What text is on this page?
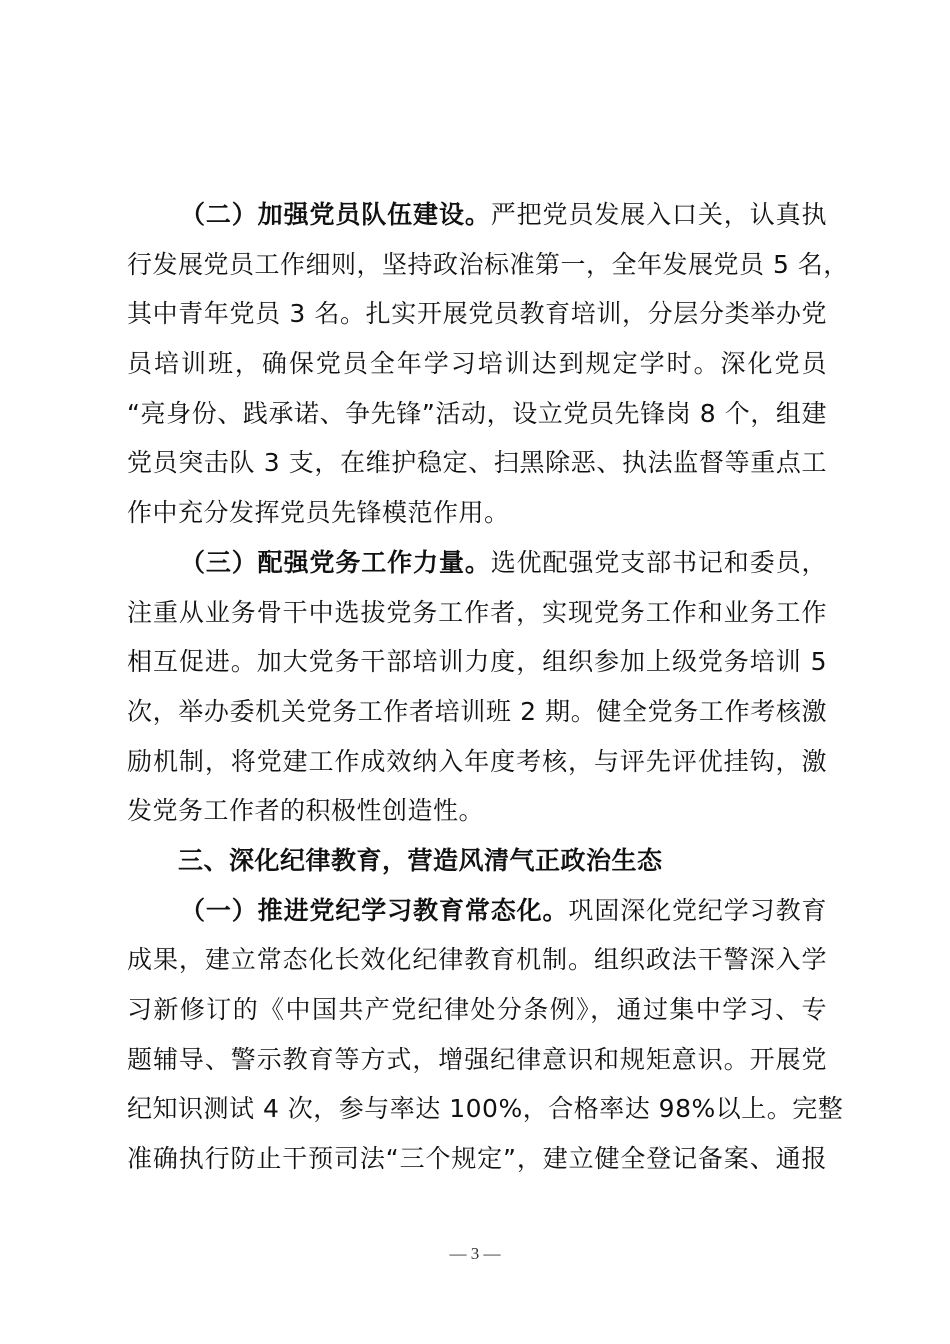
（二）加强党员队伍建设。严把党员发展入口关，认真执
行发展党员工作细则，坚持政治标准第一，全年发展党员 5 名，
其中青年党员 3 名。扎实开展党员教育培训，分层分类举办党
员培训班，确保党员全年学习培训达到规定学时。深化党员
“亮身份、践承诺、争先锋”活动，设立党员先锋岗 8 个，组建
党员突击队 3 支，在维护稳定、扫黑除恶、执法监督等重点工
作中充分发挥党员先锋模范作用。
（三）配强党务工作力量。选优配强党支部书记和委员，
注重从业务骨干中选拔党务工作者，实现党务工作和业务工作
相互促进。加大党务干部培训力度，组织参加上级党务培训 5
次，举办委机关党务工作者培训班 2 期。健全党务工作考核激
励机制，将党建工作成效纳入年度考核，与评先评优挂钩，激
发党务工作者的积极性创造性。
三、深化纪律教育，营造风清气正政治生态
（一）推进党纪学习教育常态化。巩固深化党纪学习教育
成果，建立常态化长效化纪律教育机制。组织政法干警深入学
习新修订的《中国共产党纪律处分条例》，通过集中学习、专
题辅导、警示教育等方式，增强纪律意识和规矩意识。开展党
纪知识测试 4 次，参与率达 100%，合格率达 98%以上。完整
准确执行防止干预司法“三个规定”，建立健全登记备案、通报
— 3 —
